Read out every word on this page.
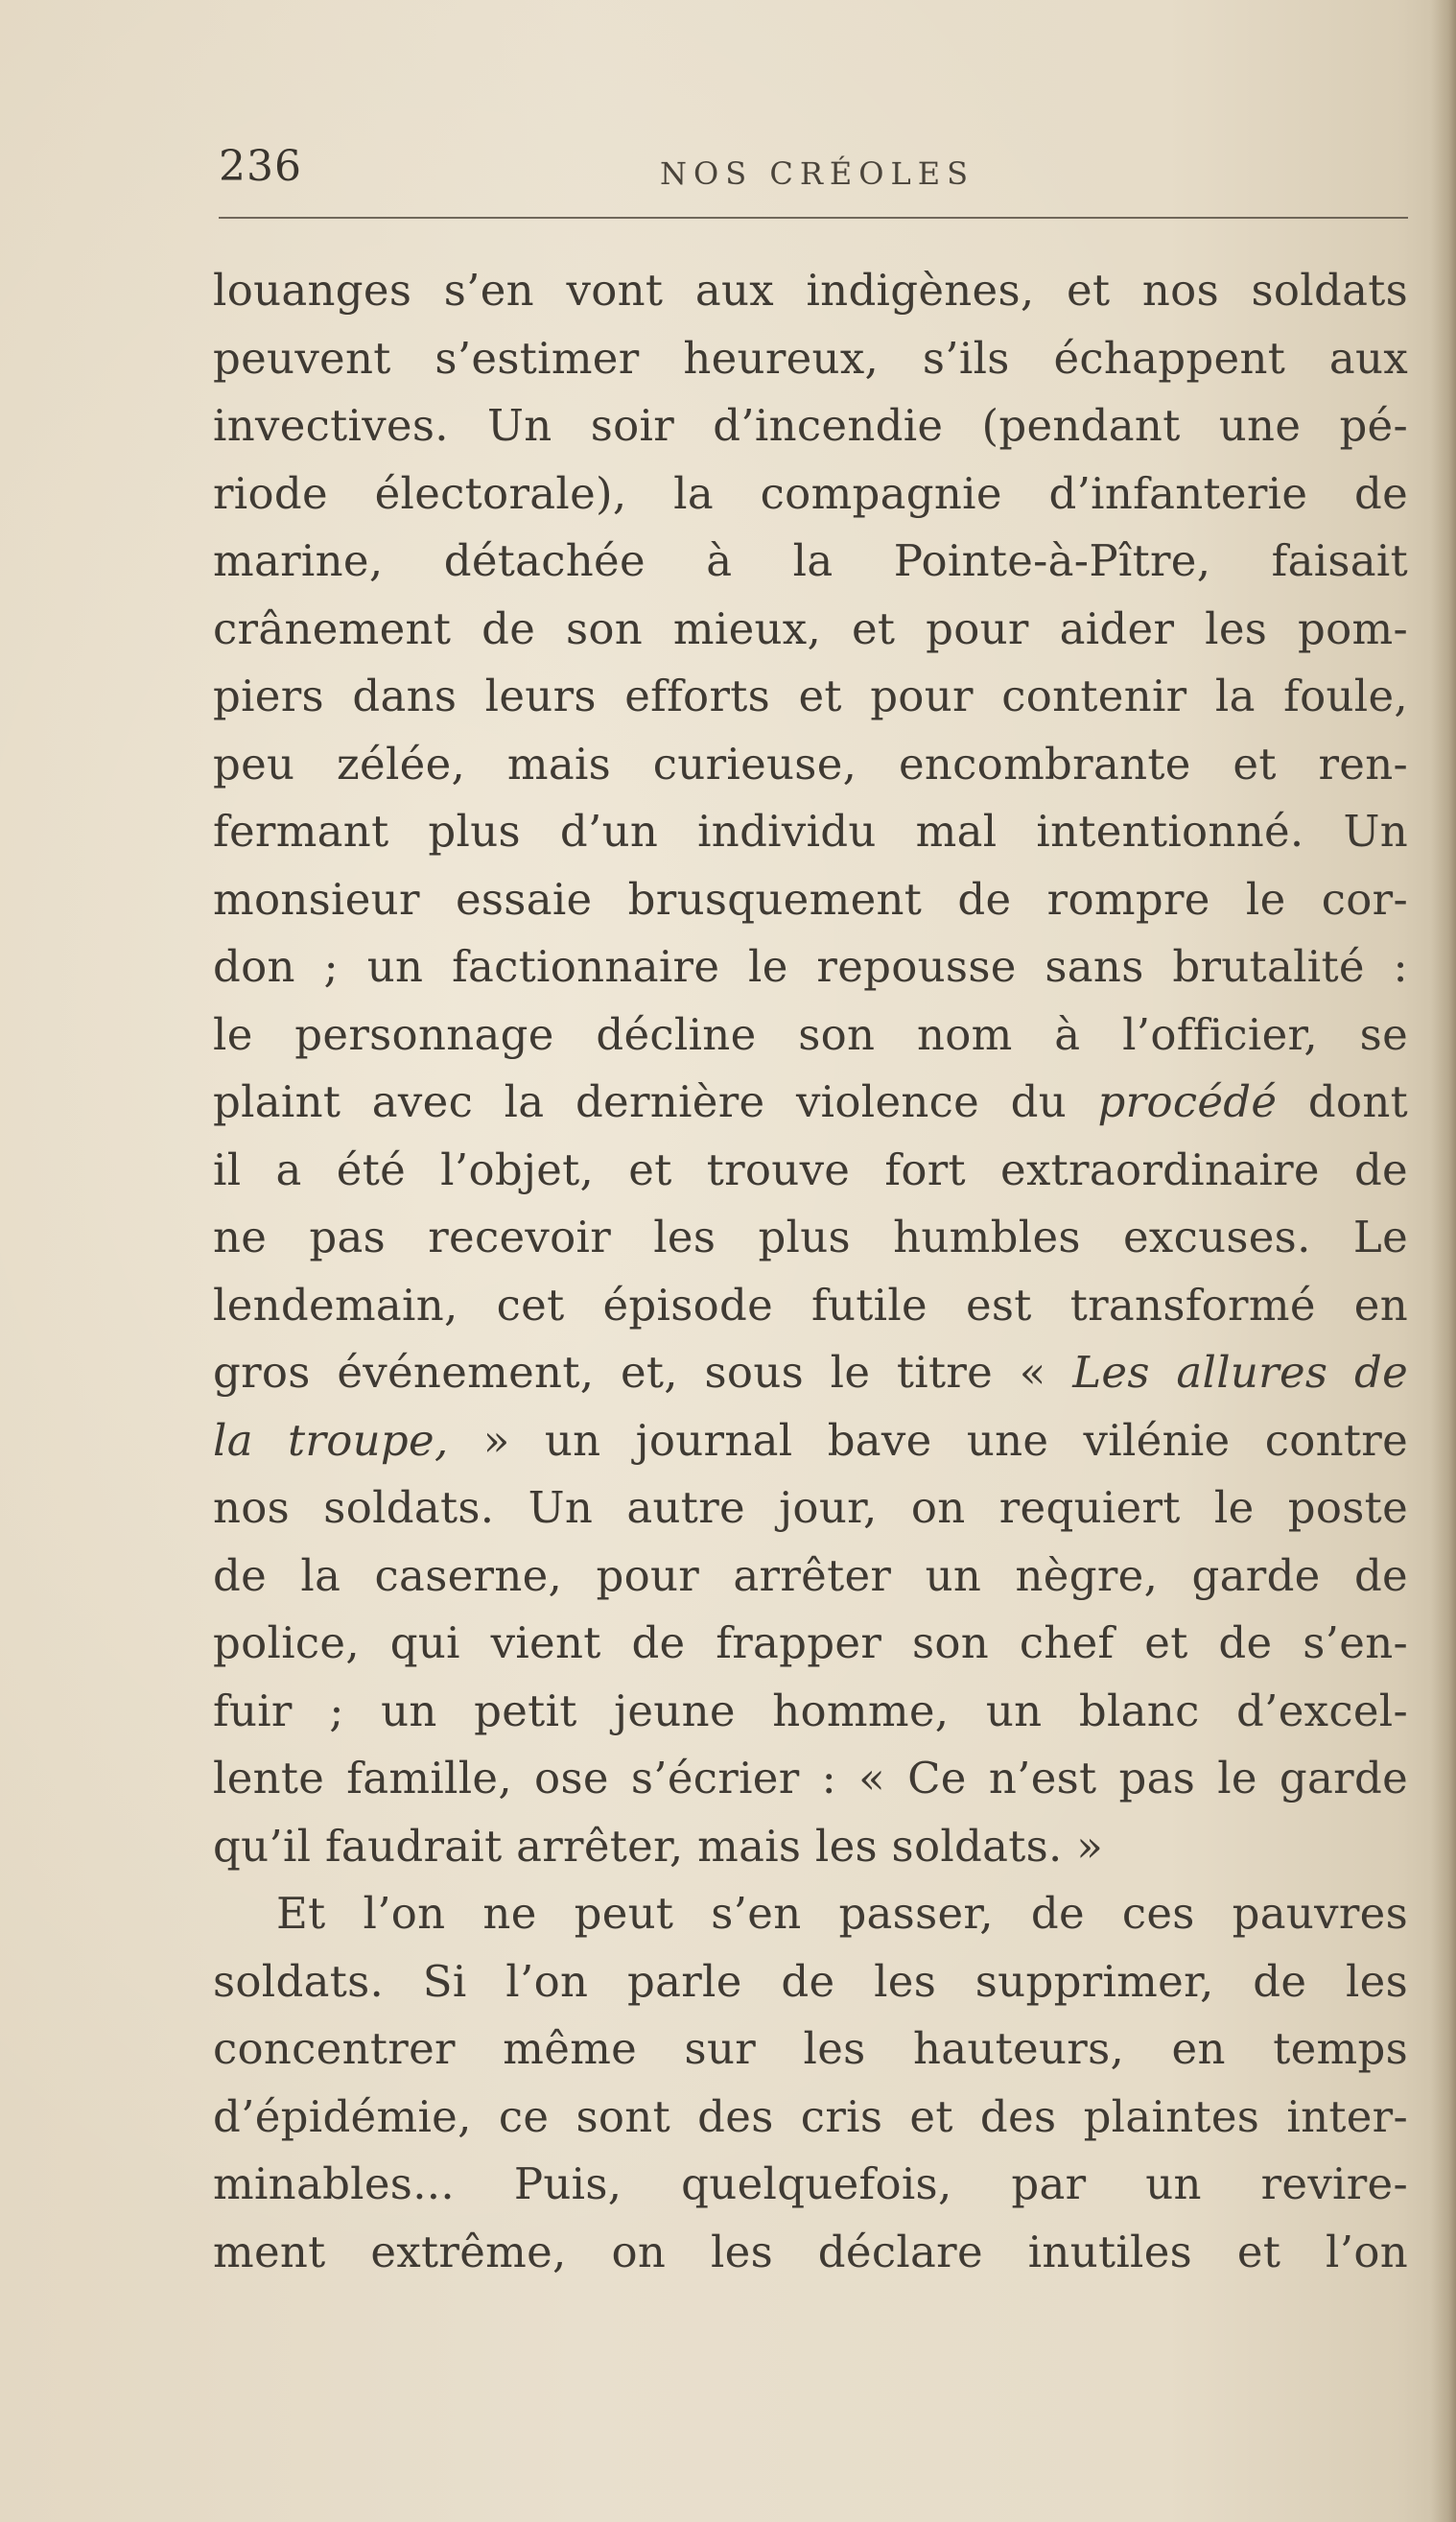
236	NOS CRÉOLES
louanges s’en vont aux indigènes, et nos soldats
peuvent s’estimer heureux, s’ils échappent aux
invectives. Un soir d’incendie (pendant une pé-
riode électorale), la compagnie d’infanterie de
marine, détachée à la Pointe-à-Pître, faisait
crânement de son mieux, et pour aider les pom-
piers dans leurs efforts et pour contenir la foule,
peu zélée, mais curieuse, encombrante et ren-
fermant plus d’un individu mal intentionné. Un
monsieur essaie brusquement de rompre le cor-
don ; un factionnaire le repousse sans brutalité :
le personnage décline son nom à l’officier, se
plaint avec la dernière violence du procédé dont
il a été l’objet, et trouve fort extraordinaire de
ne pas recevoir les plus humbles excuses. Le
lendemain, cet épisode futile est transformé en
gros événement, et, sous le titre « Les allures de
la troupe, » un journal bave une vilénie contre
nos soldats. Un autre jour, on requiert le poste
de la caserne, pour arrêter un nègre, garde de
police, qui vient de frapper son chef et de s’en-
fuir ; un petit jeune homme, un blanc d’excel-
lente famille, ose s’écrier : « Ce n’est pas le garde
qu’il faudrait arrêter, mais les soldats. »
Et l’on ne peut s’en passer, de ces pauvres
soldats. Si l’on parle de les supprimer, de les
concentrer même sur les hauteurs, en temps
d’épidémie, ce sont des cris et des plaintes inter-
minables... Puis, quelquefois, par un revire-
ment extrême, on les déclare inutiles et l’on
